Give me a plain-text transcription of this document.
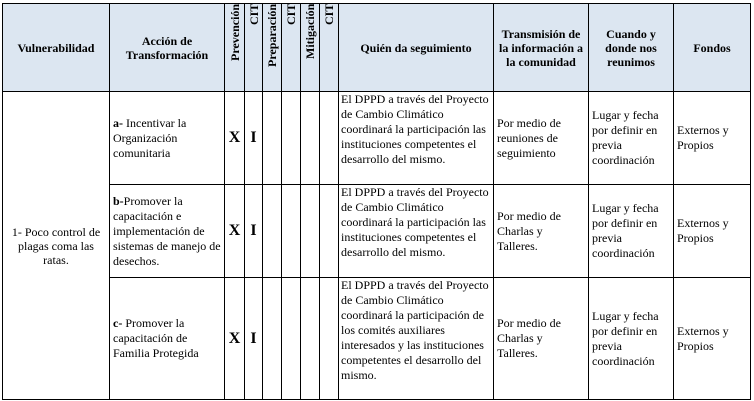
Vulnerabilidad	Acción de Transformación	Prevención	CIT	Preparación	CIT	Mitigación	CIT	Quién da seguimiento	Transmisión de la información a la comunidad	Cuando y donde nos reunimos	Fondos
1- Poco control de plagas coma las ratas.	a- Incentivar la Organización comunitaria	X	I					El DPPD a través del Proyecto de Cambio Climático coordinará la participación las instituciones competentes el desarrollo del mismo.	Por medio de reuniones de seguimiento	Lugar y fecha por definir en previa coordinación	Externos y Propios
	b-Promover la capacitación e implementación de sistemas de manejo de desechos.	X	I					El DPPD a través del Proyecto de Cambio Climático coordinará la participación las instituciones competentes el desarrollo del mismo.	Por medio de Charlas y Talleres.	Lugar y fecha por definir en previa coordinación	Externos y Propios
	c- Promover la capacitación de Familia Protegida	X	I					El DPPD a través del Proyecto de Cambio Climático coordinará la participación de los comités auxiliares interesados y las instituciones competentes el desarrollo del mismo.	Por medio de Charlas y Talleres.	Lugar y fecha por definir en previa coordinación	Externos y Propios
